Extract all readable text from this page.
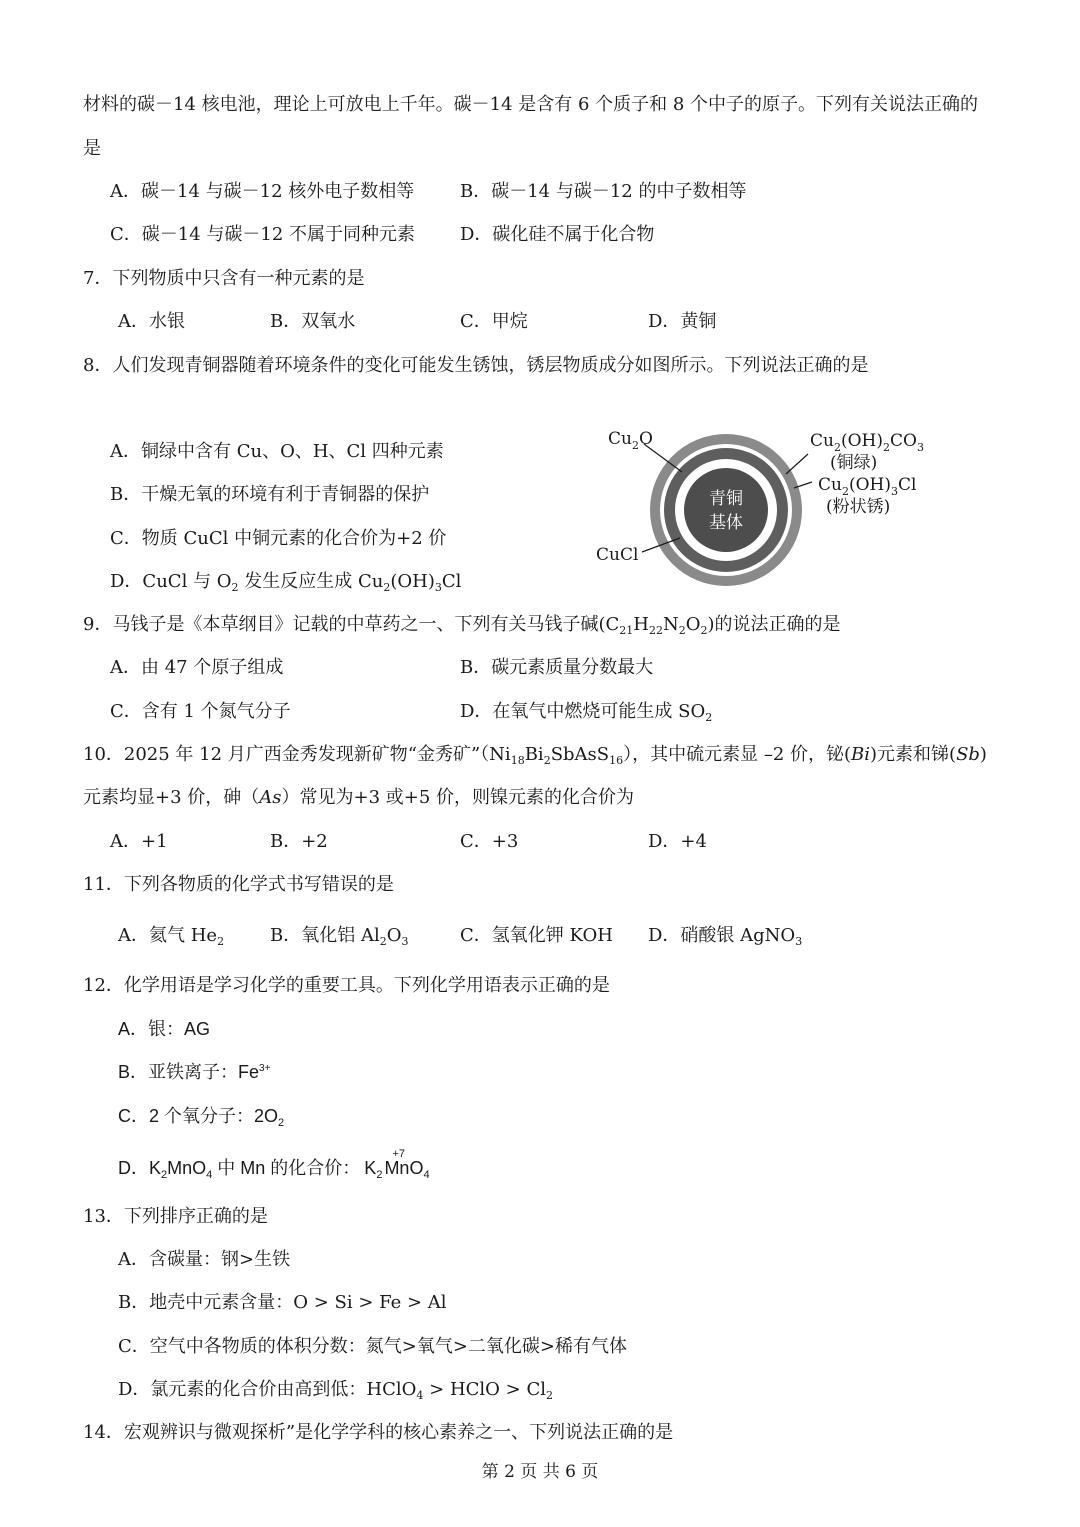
材料的碳－14 核电池，理论上可放电上千年。碳－14 是含有 6 个质子和 8 个中子的原子。下列有关说法正确的
是
A．碳－14 与碳－12 核外电子数相等	B．碳－14 与碳－12 的中子数相等
C．碳－14 与碳－12 不属于同种元素 D．碳化硅不属于化合物
7．下列物质中只含有一种元素的是
A．水银	B．双氧水	C．甲烷	D．黄铜
8．人们发现青铜器随着环境条件的变化可能发生锈蚀，锈层物质成分如图所示。下列说法正确的是
A．铜绿中含有 Cu、O、H、Cl 四种元素
B．干燥无氧的环境有利于青铜器的保护
C．物质 CuCl 中铜元素的化合价为+2 价
D．CuCl 与 $O_2$ 发生反应生成 $Cu_2(OH)_3Cl$
青铜
基体
$Cu_2O$
CuCl
$Cu_2(OH)_2CO_3$
(铜绿)
$Cu_2(OH)_3Cl$
(粉状锈)
9．马钱子是《本草纲目》记载的中草药之一、下列有关马钱子碱$(C_{21}H_{22}N_2O_2)$的说法正确的是
A．由 47 个原子组成	B．碳元素质量分数最大
C．含有 1 个氮气分子	D．在氧气中燃烧可能生成 $SO_2$
10．2025 年 12 月广西金秀发现新矿物“金秀矿$”(Ni_{18}Bi_2SbAsS_{16})$，其中硫元素显 –2 价，铋(Bi)元素和锑(Sb)
元素均显+3 价，砷（As）常见为+3 或+5 价，则镍元素的化合价为
A．+1	B．+2	C．+3	D．+4
11．下列各物质的化学式书写错误的是
A．氦气 $He_2$	B．氧化铝 $Al_2O_3$	C．氢氧化钾 KOH D．硝酸银 AgNO$_3$
12．化学用语是学习化学的重要工具。下列化学用语表示正确的是
A．银：AG
B．亚铁离子：$Fe^{3+}$
C．2 个氧分子：$2O_2$
D．$K_2MnO_4$ 中 Mn 的化合价： $K_2$
+7
MnO$_4$
13．下列排序正确的是
A．含碳量：钢>生铁
B．地壳中元素含量：O > Si > Fe > Al
C．空气中各物质的体积分数：氮气>氧气>二氧化碳>稀有气体
D．氯元素的化合价由高到低：HClO$_4$ > HClO > $Cl_2$
14．宏观辨识与微观探析”是化学学科的核心素养之一、下列说法正确的是
第 2 页 共 6 页
